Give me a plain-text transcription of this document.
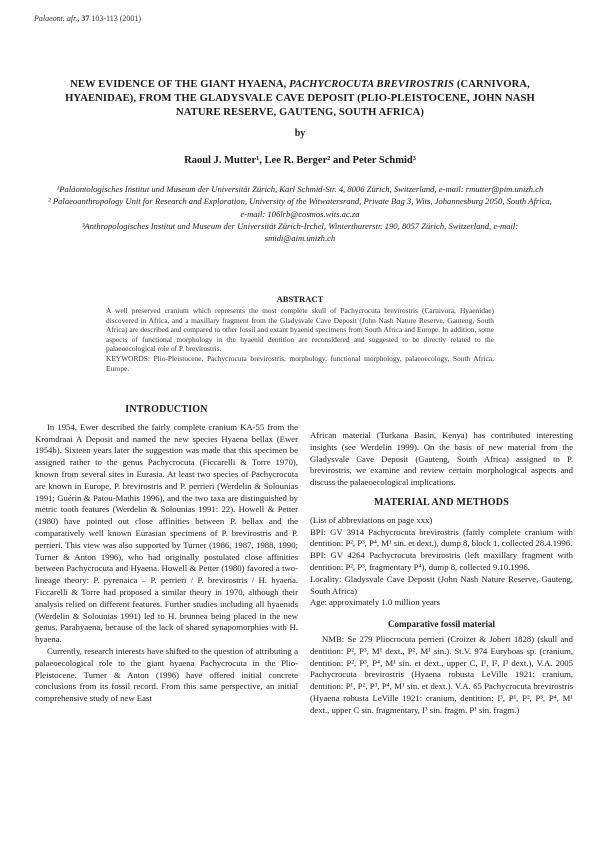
Palaeont. afr., 37 103-113 (2001)
NEW EVIDENCE OF THE GIANT HYAENA, PACHYCROCUTA BREVIROSTRIS (CARNIVORA, HYAENIDAE), FROM THE GLADYSVALE CAVE DEPOSIT (PLIO-PLEISTOCENE, JOHN NASH NATURE RESERVE, GAUTENG, SOUTH AFRICA)
by
Raoul J. Mutter¹, Lee R. Berger² and Peter Schmid³
¹Paläontologisches Institut und Museum der Universität Zürich, Karl Schmid-Str. 4, 8006 Zürich, Switzerland, e-mail: rmutter@pim.unizh.ch
² Palaeoanthropology Unit for Research and Exploration, University of the Witwatersrand, Private Bag 3, Wits, Johannesburg 2050, South Africa, e-mail: 106lrb@cosmos.wits.ac.za
³Anthropologisches Institut und Museum der Universität Zürich-Irchel, Winterthurerstr. 190, 8057 Zürich, Switzerland, e-mail: smidi@aim.unizh.ch
ABSTRACT
A well preserved cranium which represents the most complete skull of Pachycrocuta brevirostris (Carnivora, Hyaenidae) discovered in Africa, and a maxillary fragment from the Gladysvale Cave Deposit (John Nash Nature Reserve, Gauteng, South Africa) are described and compared to other fossil and extant hyaenid specimens from South Africa and Europe. In addition, some aspects of functional morphology in the hyaenid dentition are reconsidered and suggested to be directly related to the palaeoecological role of P. brevirostris.
KEYWORDS: Plio-Pleistocene, Pachycrocuta brevirostris, morphology, functional morphology, palaeoecology, South Africa, Europe.
INTRODUCTION

In 1954, Ewer described the fairly complete cranium KA-55 from the Kromdraai A Deposit and named the new species Hyaena bellax (Ewer 1954b). Sixteen years later the suggestion was made that this specimen be assigned rather to the genus Pachycrocuta (Ficcarelli & Torre 1970), known from several sites in Eurasia. At least two species of Pachycrocuta are known in Europe, P. brevirostris and P. perrieri (Werdelin & Solounias 1991; Guérin & Patou-Mathis 1996), and the two taxa are distinguished by metric tooth features (Werdelin & Solounias 1991: 22). Howell & Petter (1980) have pointed out close affinities between P. bellax and the comparatively well known Eurasian specimens of P. brevirostris and P. perrieri. This view was also supported by Turner (1986, 1987, 1988, 1990; Turner & Anton 1996), who had originally postulated close affinities between Pachycrocuta and Hyaena. Howell & Petter (1980) favored a two-lineage theory: P. pyrenaica – P. perrieri / P. brevirostris / H. hyaena. Ficcarelli & Torre had proposed a similar theory in 1970, although their analysis relied on different features. Further studies including all hyaenids (Werdelin & Solounias 1991) led to H. brunnea being placed in the new genus, Parahyaena, because of the lack of shared synapomorphies with H. hyaena.

Currently, research interests have shifted to the question of attributing a palaeoecological role to the giant hyaena Pachycrocuta in the Plio-Pleistocene. Turner & Anton (1996) have offered initial concrete conclusions from its fossil record. From this same perspective, an initial comprehensive study of new East

African material (Turkana Basin, Kenya) has contributed interesting insights (see Werdelin 1999). On the basis of new material from the Gladysvale Cave Deposit (Gauteng, South Africa) assigned to P. brevirostris, we examine and review certain morphological aspects and discuss the palaeoecological implications.

MATERIAL AND METHODS

(List of abbreviations on page xxx)

BPI: GV 3914 Pachycrocuta brevirostris (fairly complete cranium with dentition: P², P³, P⁴, M¹ sin. et dext.), dump 8, block 1, collected 28.4.1996.

BPI: GV 4264 Pachycrocuta brevirostris (left maxillary fragment with dentition: P², P³, fragmentary P⁴), dump 8, collected 9.10.1996.

Locality: Gladysvale Cave Deposit (John Nash Nature Reserve, Gauteng, South Africa)

Age: approximately 1.0 million years

Comparative fossil material

NMB: Se 279 Pliocrocuta perrieri (Croizet & Jobert 1828) (skull and dentition: P², P³, M¹ dext., P², M¹ sin.). St.V. 974 Euryboas sp. (cranium, dentition: P², P³, P⁴, M¹ sin. et dext., upper C, I¹, I², I³ dext.), V.A. 2005 Pachycrocuta brevirostris (Hyaena robusta LeVille 1921: cranium, dentition: P¹, P², P³, P⁴, M¹ sin. et dext.). V.A. 65 Pachycrocuta brevirostris (Hyaena robusta LeVille 1921: cranium, dentition: I³, P¹, P², P³, P⁴, M¹ dext., upper C sin. fragmentary, I³ sin. fragm. P¹ sin. fragm.)
